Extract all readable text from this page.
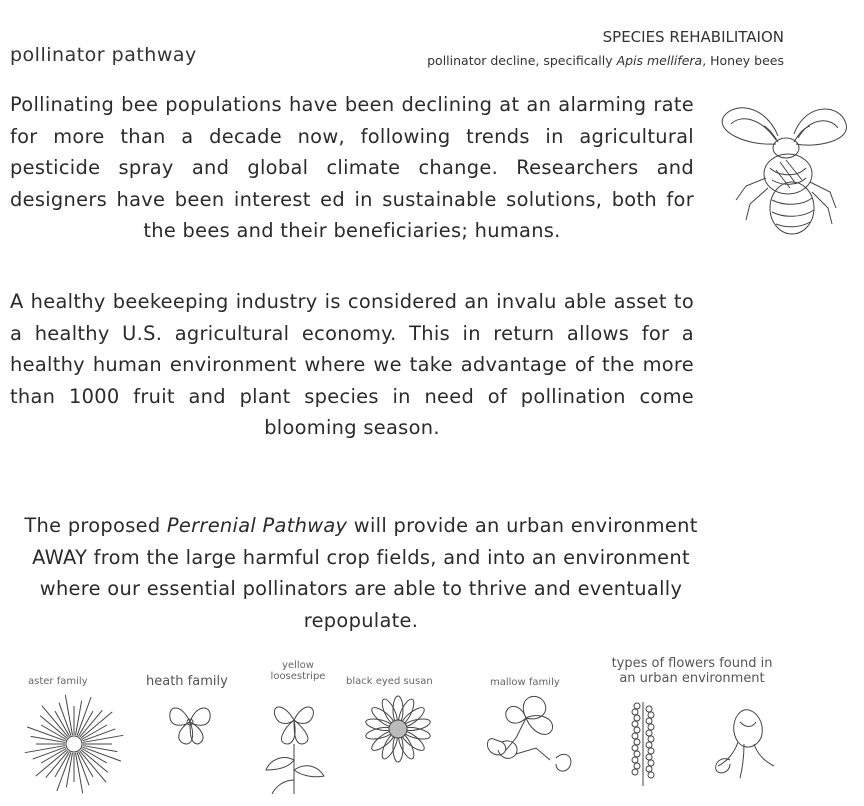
pollinator pathway
SPECIES REHABILITAION
pollinator decline, specifically Apis mellifera, Honey bees
Pollinating bee populations have been declining at an alarming rate for more than a decade now, following trends in agricultural pesticide spray and global climate change. Researchers and designers have been interest ed in sustainable solutions, both for the bees and their beneficiaries; humans.
A healthy beekeeping industry is considered an invalu able asset to a healthy U.S. agricultural economy. This in return allows for a healthy human environment where we take advantage of the more than 1000 fruit and plant species in need of pollination come blooming season.
The proposed Perrenial Pathway will provide an urban environment AWAY from the large harmful crop fields, and into an environment where our essential pollinators are able to thrive and eventually repopulate.
aster family	heath family
yellow
loosestripe	black eyed susan	mallow family
types of flowers found in
an urban environment
